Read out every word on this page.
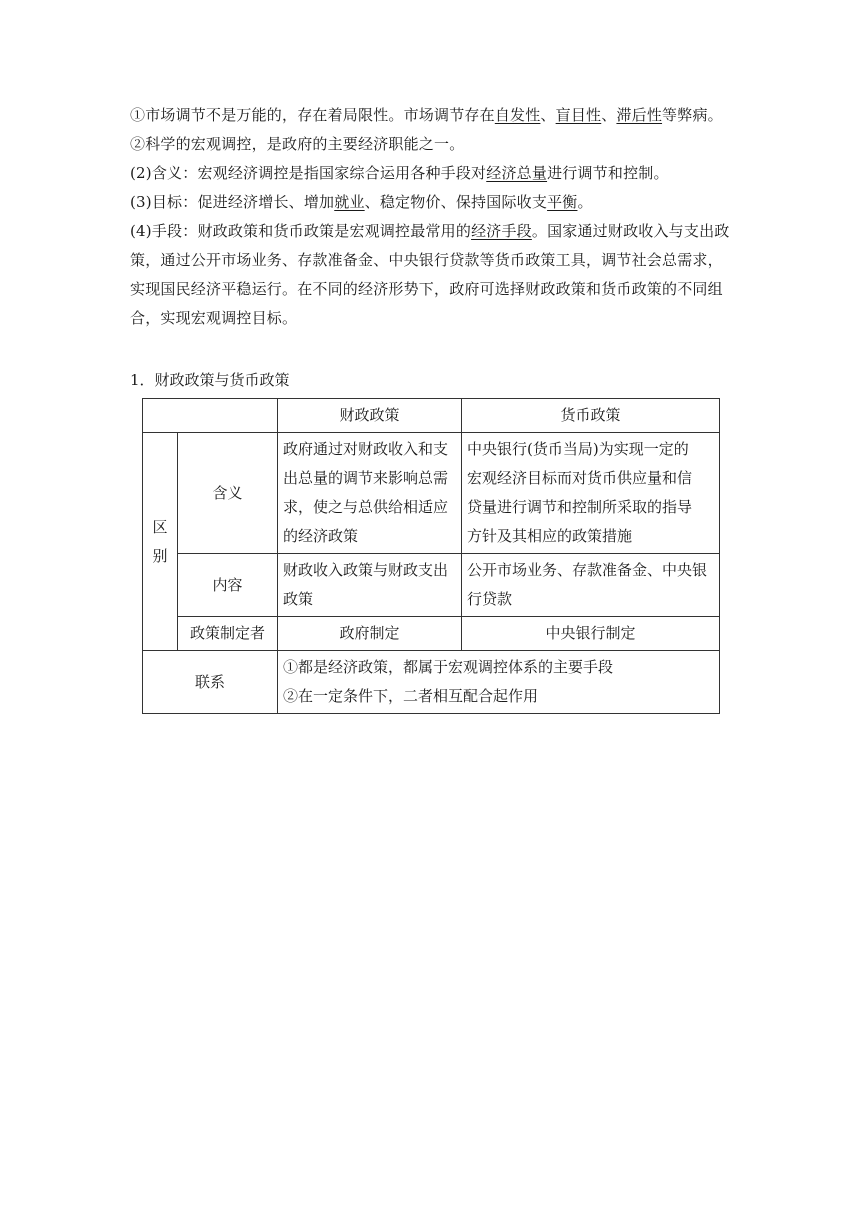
①市场调节不是万能的，存在着局限性。市场调节存在自发性、盲目性、滞后性等弊病。
②科学的宏观调控，是政府的主要经济职能之一。
(2)含义：宏观经济调控是指国家综合运用各种手段对经济总量进行调节和控制。
(3)目标：促进经济增长、增加就业、稳定物价、保持国际收支平衡。
(4)手段：财政政策和货币政策是宏观调控最常用的经济手段。国家通过财政收入与支出政策，通过公开市场业务、存款准备金、中央银行贷款等货币政策工具，调节社会总需求，实现国民经济平稳运行。在不同的经济形势下，政府可选择财政政策和货币政策的不同组合，实现宏观调控目标。
1．财政政策与货币政策
		财政政策	货币政策

区
别	含义	政府通过对财政收入和支
出总量的调节来影响总需
求，使之与总供给相适应
的经济政策	中央银行(货币当局)为实现一定的
宏观经济目标而对货币供应量和信
贷量进行调节和控制所采取的指导
方针及其相应的政策措施

	内容	财政收入政策与财政支出
政策	公开市场业务、存款准备金、中央银
行贷款

	政策制定者	政府制定	中央银行制定
联系		①都是经济政策，都属于宏观调控体系的主要手段
②在一定条件下，二者相互配合起作用	
